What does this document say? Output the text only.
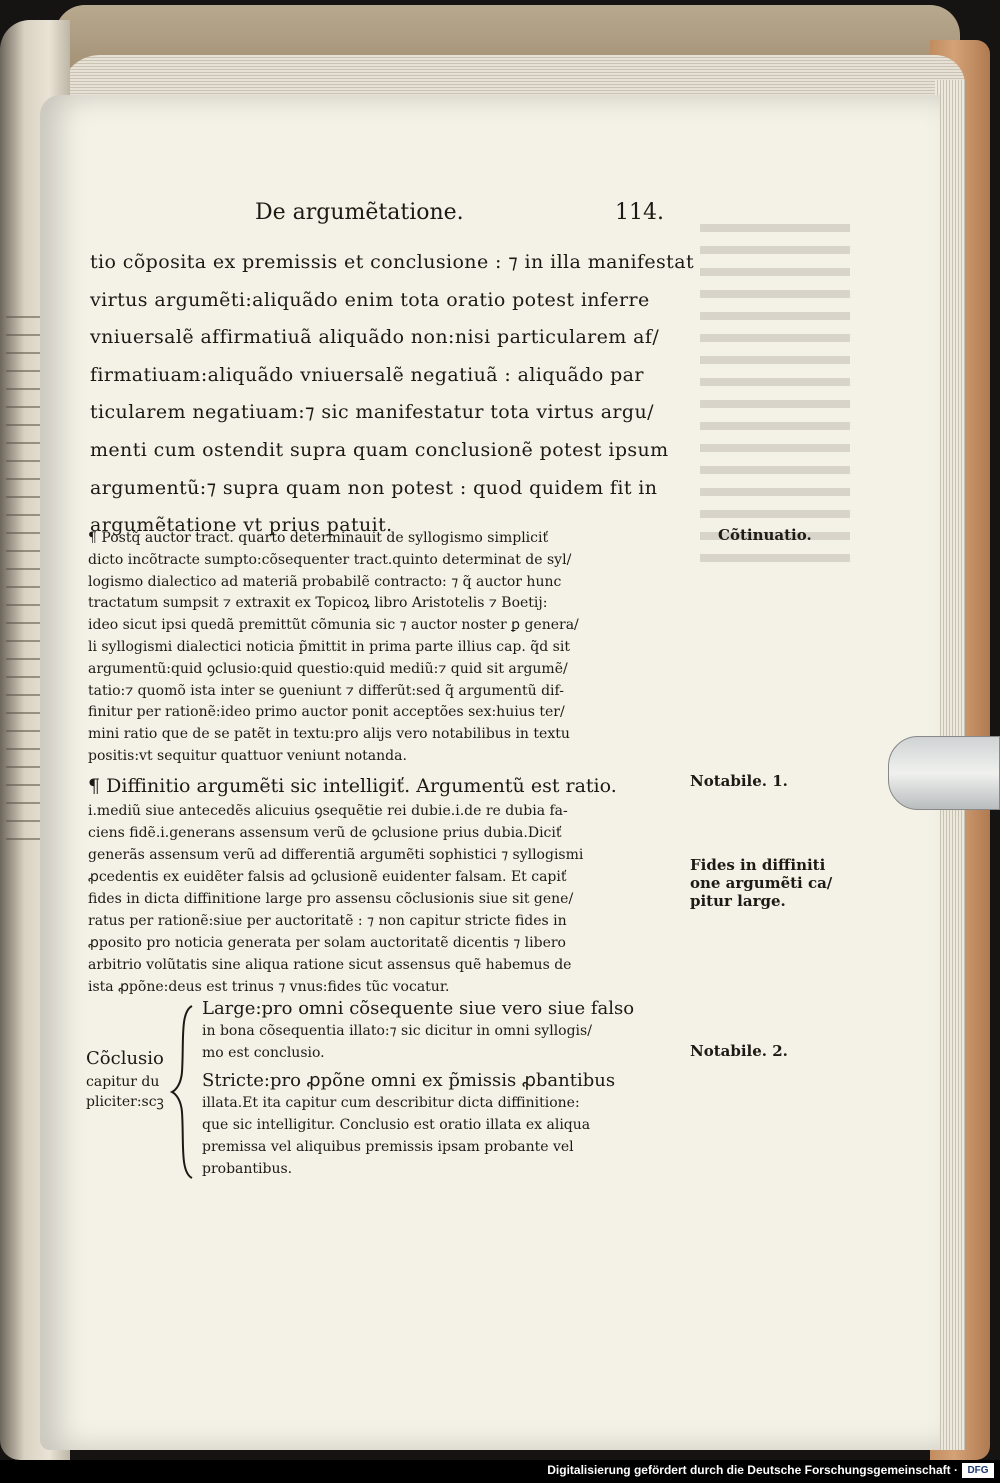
De argumẽtatione.	114.

tio cõposita ex premissis et conclusione : ⁊ in illa manifestat

virtus argumẽti:aliquãdo enim tota oratio potest inferre

vniuersalẽ affirmatiuã aliquãdo non:nisi particularem af/

firmatiuam:aliquãdo vniuersalẽ negatiuã : aliquãdo par

ticularem negatiuam:⁊ sic manifestatur tota virtus argu/

menti cum ostendit supra quam conclusionẽ potest ipsum

argumentũ:⁊ supra quam non potest : quod quidem fit in

argumẽtatione vt prius patuit.

¶ Postq̃ auctor tract. quarto determinauit de syllogismo simpliciť

dicto incõtracte sumpto:cõsequenter tract.quinto determinat de syl/

logismo dialectico ad materiã probabilẽ contracto: ⁊ q̃ auctor hunc

tractatum sumpsit ⁊ extraxit ex Topicoꝝ libro Aristotelis ⁊ Boetij:

ideo sicut ipsi quedã premittũt cõmunia sic ⁊ auctor noster ꝑ genera/

li syllogismi dialectici noticia p̃mittit in prima parte illius cap. q̃d sit

argumentũ:quid ꝯclusio:quid questio:quid mediũ:⁊ quid sit argumẽ/

tatio:⁊ quomõ ista inter se ꝯueniunt ⁊ differũt:sed q̃ argumentũ dif-

finitur per rationẽ:ideo primo auctor ponit acceptões sex:huius ter/

mini ratio que de se patẽt in textu:pro alijs vero notabilibus in textu

positis:vt sequitur quattuor veniunt notanda.

¶ Diffinitio argumẽti sic intelligiť. Argumentũ est ratio.

i.mediũ siue antecedẽs alicuius ꝯsequẽtie rei dubie.i.de re dubia fa-

ciens fidẽ.i.generans assensum verũ de ꝯclusione prius dubia.Diciť

generãs assensum verũ ad differentiã argumẽti sophistici ⁊ syllogismi

ꝓcedentis ex euidẽter falsis ad ꝯclusionẽ euidenter falsam. Et capiť

fides in dicta diffinitione large pro assensu cõclusionis siue sit gene/

ratus per rationẽ:siue per auctoritatẽ : ⁊ non capitur stricte fides in

ꝓposito pro noticia generata per solam auctoritatẽ dicentis ⁊ libero

arbitrio volũtatis sine aliqua ratione sicut assensus quẽ habemus de

ista ꝓpõne:deus est trinus ⁊ vnus:fides tũc vocatur.

Cõclusio

capitur du

pliciter:scꝫ

Large:pro omni cõsequente siue vero siue falso

in bona cõsequentia illato:⁊ sic dicitur in omni syllogis/

mo est conclusio.

Stricte:pro ꝓpõne omni ex p̃missis ꝓbantibus

illata.Et ita capitur cum describitur dicta diffinitione:

que sic intelligitur. Conclusio est oratio illata ex aliqua

premissa vel aliquibus premissis ipsam probante vel

probantibus.

Cõtinuatio.
Notabile. 1.
Fides in diffiniti
one argumẽti ca/
pitur large.
Notabile. 2.
Digitalisierung gefördert durch die Deutsche Forschungsgemeinschaft · DFG
